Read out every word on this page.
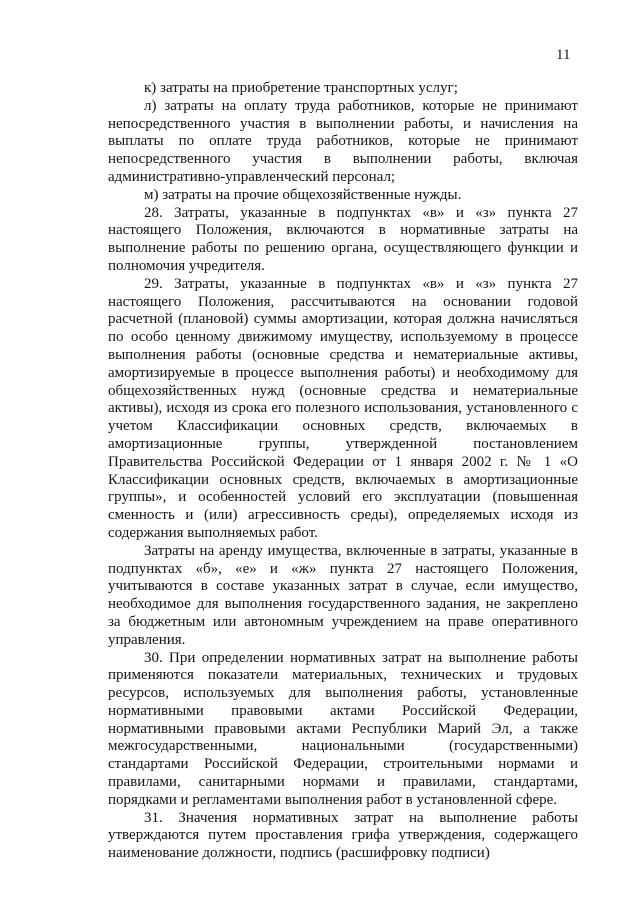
11

к) затраты на приобретение транспортных услуг;

л) затраты на оплату труда работников, которые не принимают непосредственного участия в выполнении работы, и начисления на выплаты по оплате труда работников, которые не принимают непосредственного участия в выполнении работы, включая административно-управленческий персонал;

м) затраты на прочие общехозяйственные нужды.

28. Затраты, указанные в подпунктах «в» и «з» пункта 27 настоящего Положения, включаются в нормативные затраты на выполнение работы по решению органа, осуществляющего функции и полномочия учредителя.

29. Затраты, указанные в подпунктах «в» и «з» пункта 27 настоящего Положения, рассчитываются на основании годовой расчетной (плановой) суммы амортизации, которая должна начисляться по особо ценному движимому имуществу, используемому в процессе выполнения работы (основные средства и нематериальные активы, амортизируемые в процессе выполнения работы) и необходимому для общехозяйственных нужд (основные средства и нематериальные активы), исходя из срока его полезного использования, установленного с учетом Классификации основных средств, включаемых в амортизационные группы, утвержденной постановлением Правительства Российской Федерации от 1 января 2002 г. № 1 «О Классификации основных средств, включаемых в амортизационные группы», и особенностей условий его эксплуатации (повышенная сменность и (или) агрессивность среды), определяемых исходя из содержания выполняемых работ.

Затраты на аренду имущества, включенные в затраты, указанные в подпунктах «б», «е» и «ж» пункта 27 настоящего Положения, учитываются в составе указанных затрат в случае, если имущество, необходимое для выполнения государственного задания, не закреплено за бюджетным или автономным учреждением на праве оперативного управления.

30. При определении нормативных затрат на выполнение работы применяются показатели материальных, технических и трудовых ресурсов, используемых для выполнения работы, установленные нормативными правовыми актами Российской Федерации, нормативными правовыми актами Республики Марий Эл, а также межгосударственными, национальными (государственными) стандартами Российской Федерации, строительными нормами и правилами, санитарными нормами и правилами, стандартами, порядками и регламентами выполнения работ в установленной сфере.

31. Значения нормативных затрат на выполнение работы утверждаются путем проставления грифа утверждения, содержащего наименование должности, подпись (расшифровку подписи)
